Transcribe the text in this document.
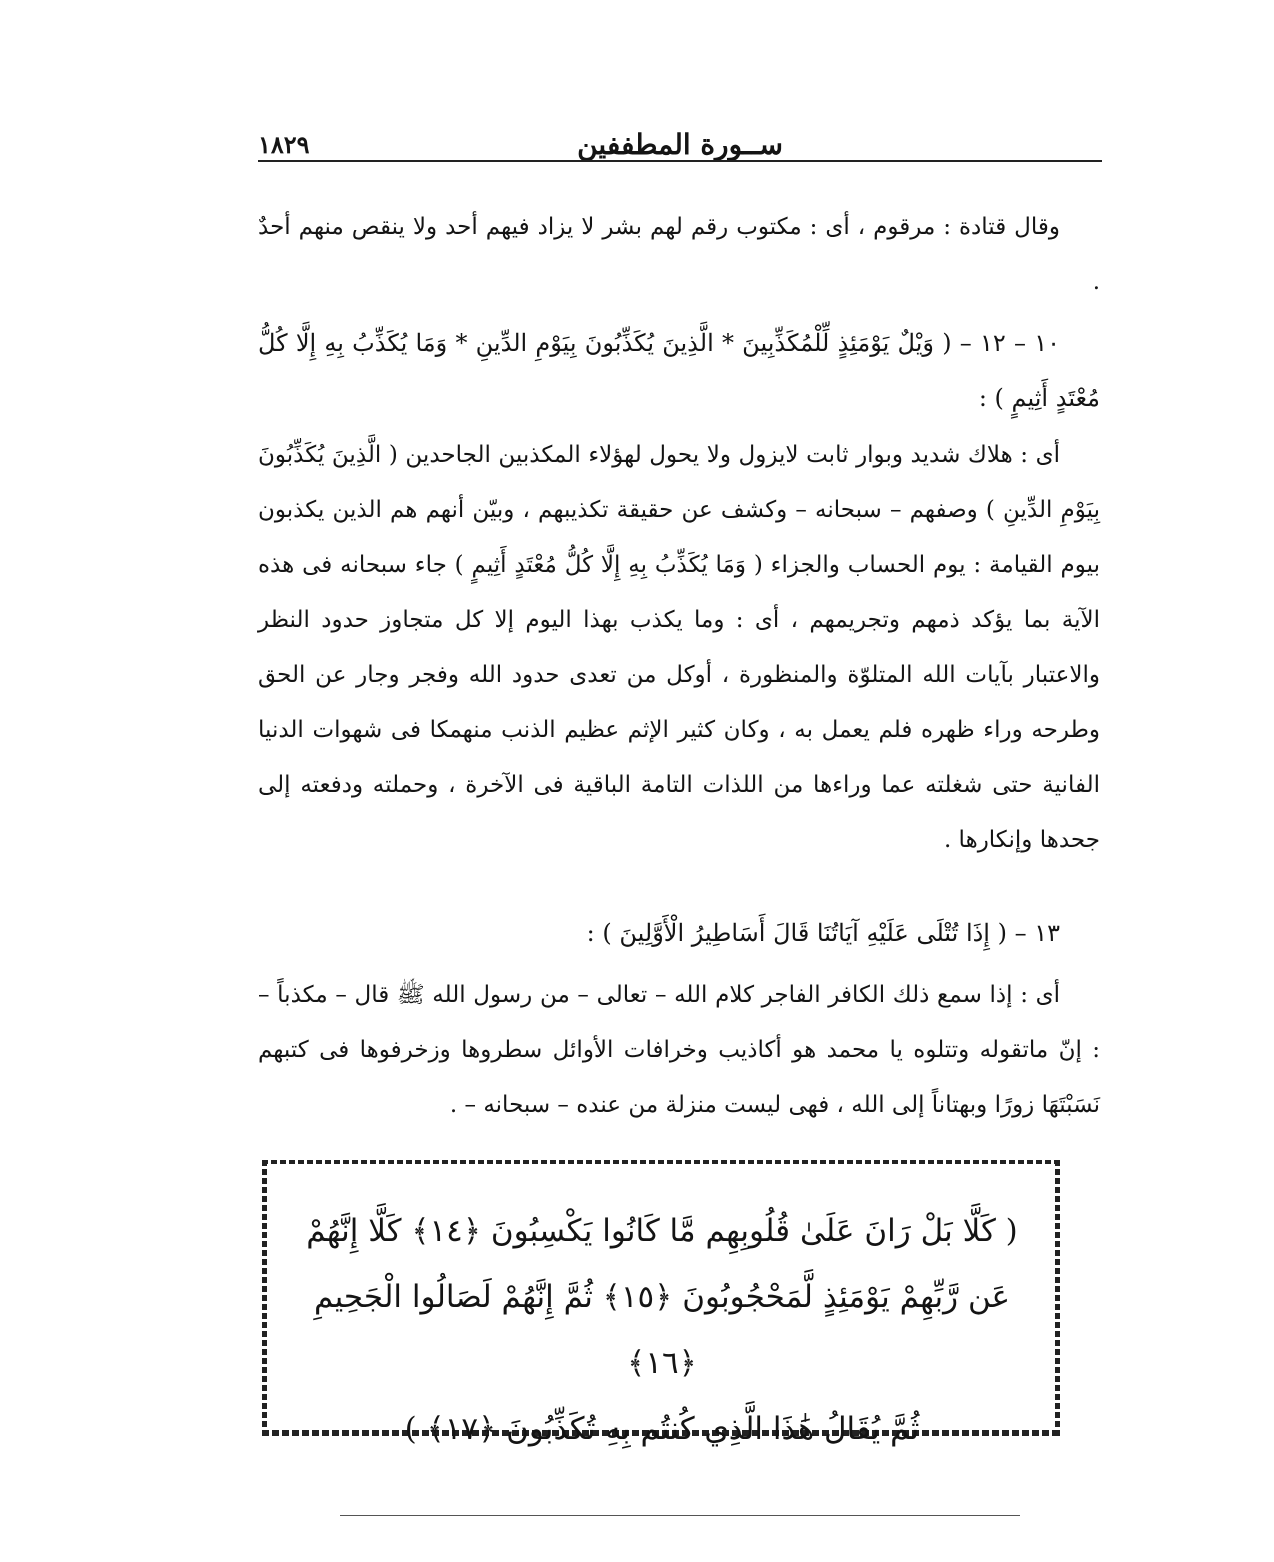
ســورة المطففين
١٨٢٩

وقال قتادة : مرقوم ، أى : مكتوب رقم لهم بشر لا يزاد فيهم أحد ولا ينقص منهم أحدٌ .

١٠ – ١٢ – ( وَيْلٌ يَوْمَئِذٍ لِّلْمُكَذِّبِينَ * الَّذِينَ يُكَذِّبُونَ بِيَوْمِ الدِّينِ * وَمَا يُكَذِّبُ بِهِ إِلَّا كُلُّ مُعْتَدٍ أَثِيمٍ ) :

أى : هلاك شديد وبوار ثابت لايزول ولا يحول لهؤلاء المكذبين الجاحدين ( الَّذِينَ يُكَذِّبُونَ بِيَوْمِ الدِّينِ ) وصفهم – سبحانه – وكشف عن حقيقة تكذيبهم ، وبيّن أنهم هم الذين يكذبون بيوم القيامة : يوم الحساب والجزاء ( وَمَا يُكَذِّبُ بِهِ إِلَّا كُلُّ مُعْتَدٍ أَثِيمٍ ) جاء سبحانه فى هذه الآية بما يؤكد ذمهم وتجريمهم ، أى : وما يكذب بهذا اليوم إلا كل متجاوز حدود النظر والاعتبار بآيات الله المتلوّة والمنظورة ، أوكل من تعدى حدود الله وفجر وجار عن الحق وطرحه وراء ظهره فلم يعمل به ، وكان كثير الإثم عظيم الذنب منهمكا فى شهوات الدنيا الفانية حتى شغلته عما وراءها من اللذات التامة الباقية فى الآخرة ، وحملته ودفعته إلى جحدها وإنكارها .

١٣ – ( إِذَا تُتْلَى عَلَيْهِ آيَاتُنَا قَالَ أَسَاطِيرُ الْأَوَّلِينَ ) :

أى : إذا سمع ذلك الكافر الفاجر كلام الله – تعالى – من رسول الله ﷺ قال – مكذباً – : إنّ ماتقوله وتتلوه يا محمد هو أكاذيب وخرافات الأوائل سطروها وزخرفوها فى كتبهم نَسَبْتَهَا زورًا وبهتاناً إلى الله ، فهى ليست منزلة من عنده – سبحانه – .

( كَلَّا بَلْ رَانَ عَلَىٰ قُلُوبِهِم مَّا كَانُوا يَكْسِبُونَ ﴿١٤﴾ كَلَّا إِنَّهُمْ

عَن رَّبِّهِمْ يَوْمَئِذٍ لَّمَحْجُوبُونَ ﴿١٥﴾ ثُمَّ إِنَّهُمْ لَصَالُوا الْجَحِيمِ ﴿١٦﴾

ثُمَّ يُقَالُ هَٰذَا الَّذِي كُنتُم بِهِ تُكَذِّبُونَ ﴿١٧﴾ )
